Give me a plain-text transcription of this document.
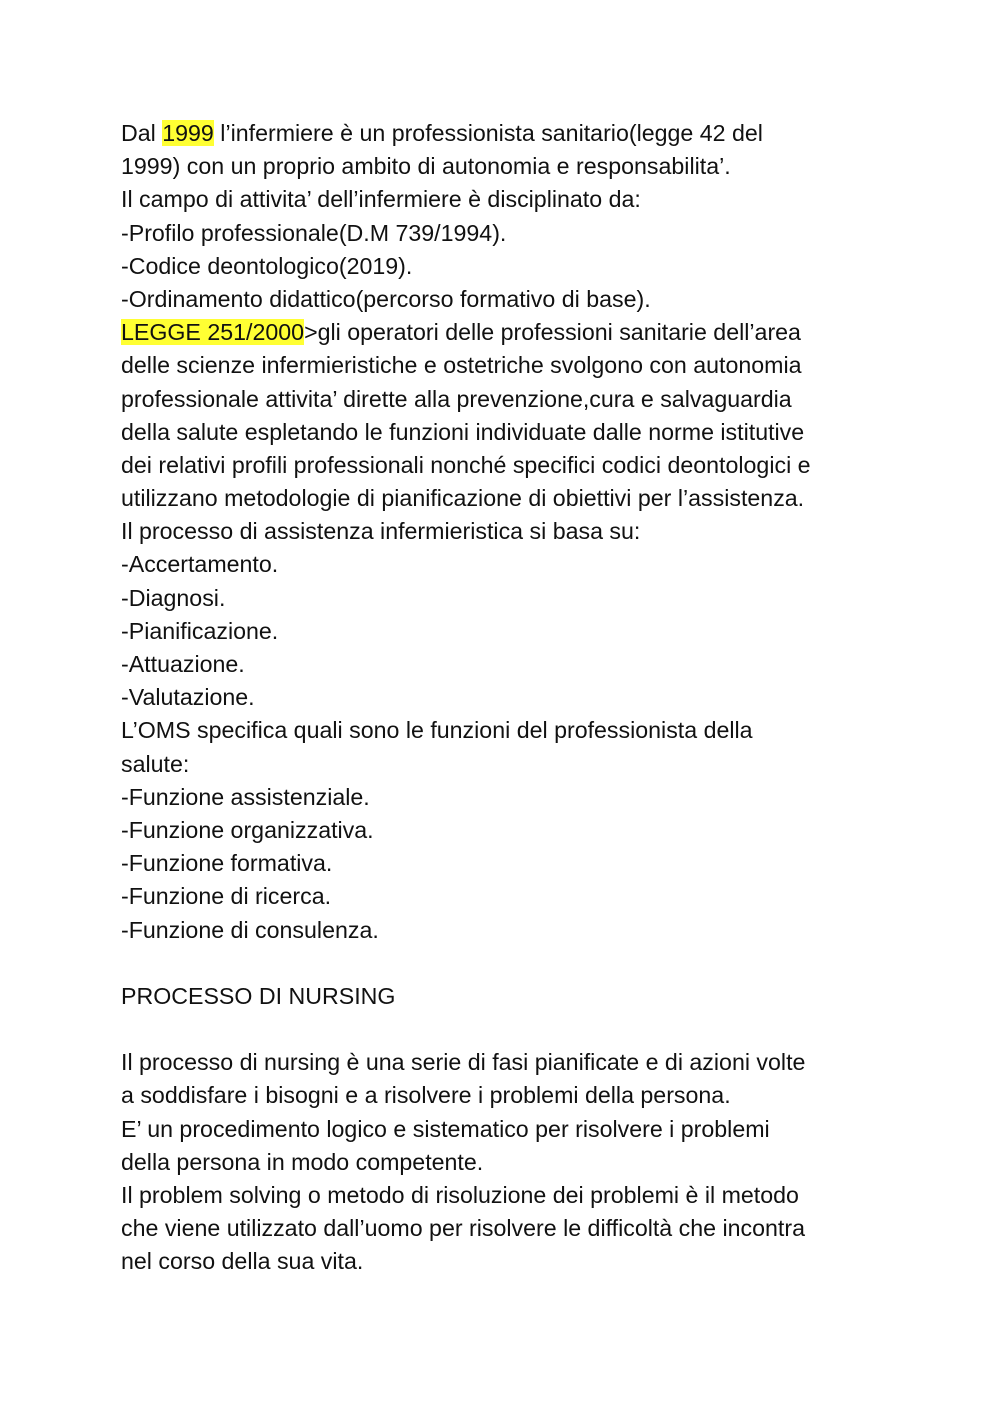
Dal 1999 l’infermiere è un professionista sanitario(legge 42 del
1999) con un proprio ambito di autonomia e responsabilita’.
Il campo di attivita’ dell’infermiere è disciplinato da:
-Profilo professionale(D.M 739/1994).
-Codice deontologico(2019).
-Ordinamento didattico(percorso formativo di base).
LEGGE 251/2000>gli operatori delle professioni sanitarie dell’area
delle scienze infermieristiche e ostetriche svolgono con autonomia
professionale attivita’ dirette alla prevenzione,cura e salvaguardia
della salute espletando le funzioni individuate dalle norme istitutive
dei relativi profili professionali nonché specifici codici deontologici e
utilizzano metodologie di pianificazione di obiettivi per l’assistenza.
Il processo di assistenza infermieristica si basa su:
-Accertamento.
-Diagnosi.
-Pianificazione.
-Attuazione.
-Valutazione.
L’OMS specifica quali sono le funzioni del professionista della
salute:
-Funzione assistenziale.
-Funzione organizzativa.
-Funzione formativa.
-Funzione di ricerca.
-Funzione di consulenza.
PROCESSO DI NURSING
Il processo di nursing è una serie di fasi pianificate e di azioni volte
a soddisfare i bisogni e a risolvere i problemi della persona.
E’ un procedimento logico e sistematico per risolvere i problemi
della persona in modo competente.
Il problem solving o metodo di risoluzione dei problemi è il metodo
che viene utilizzato dall’uomo per risolvere le difficoltà che incontra
nel corso della sua vita.
